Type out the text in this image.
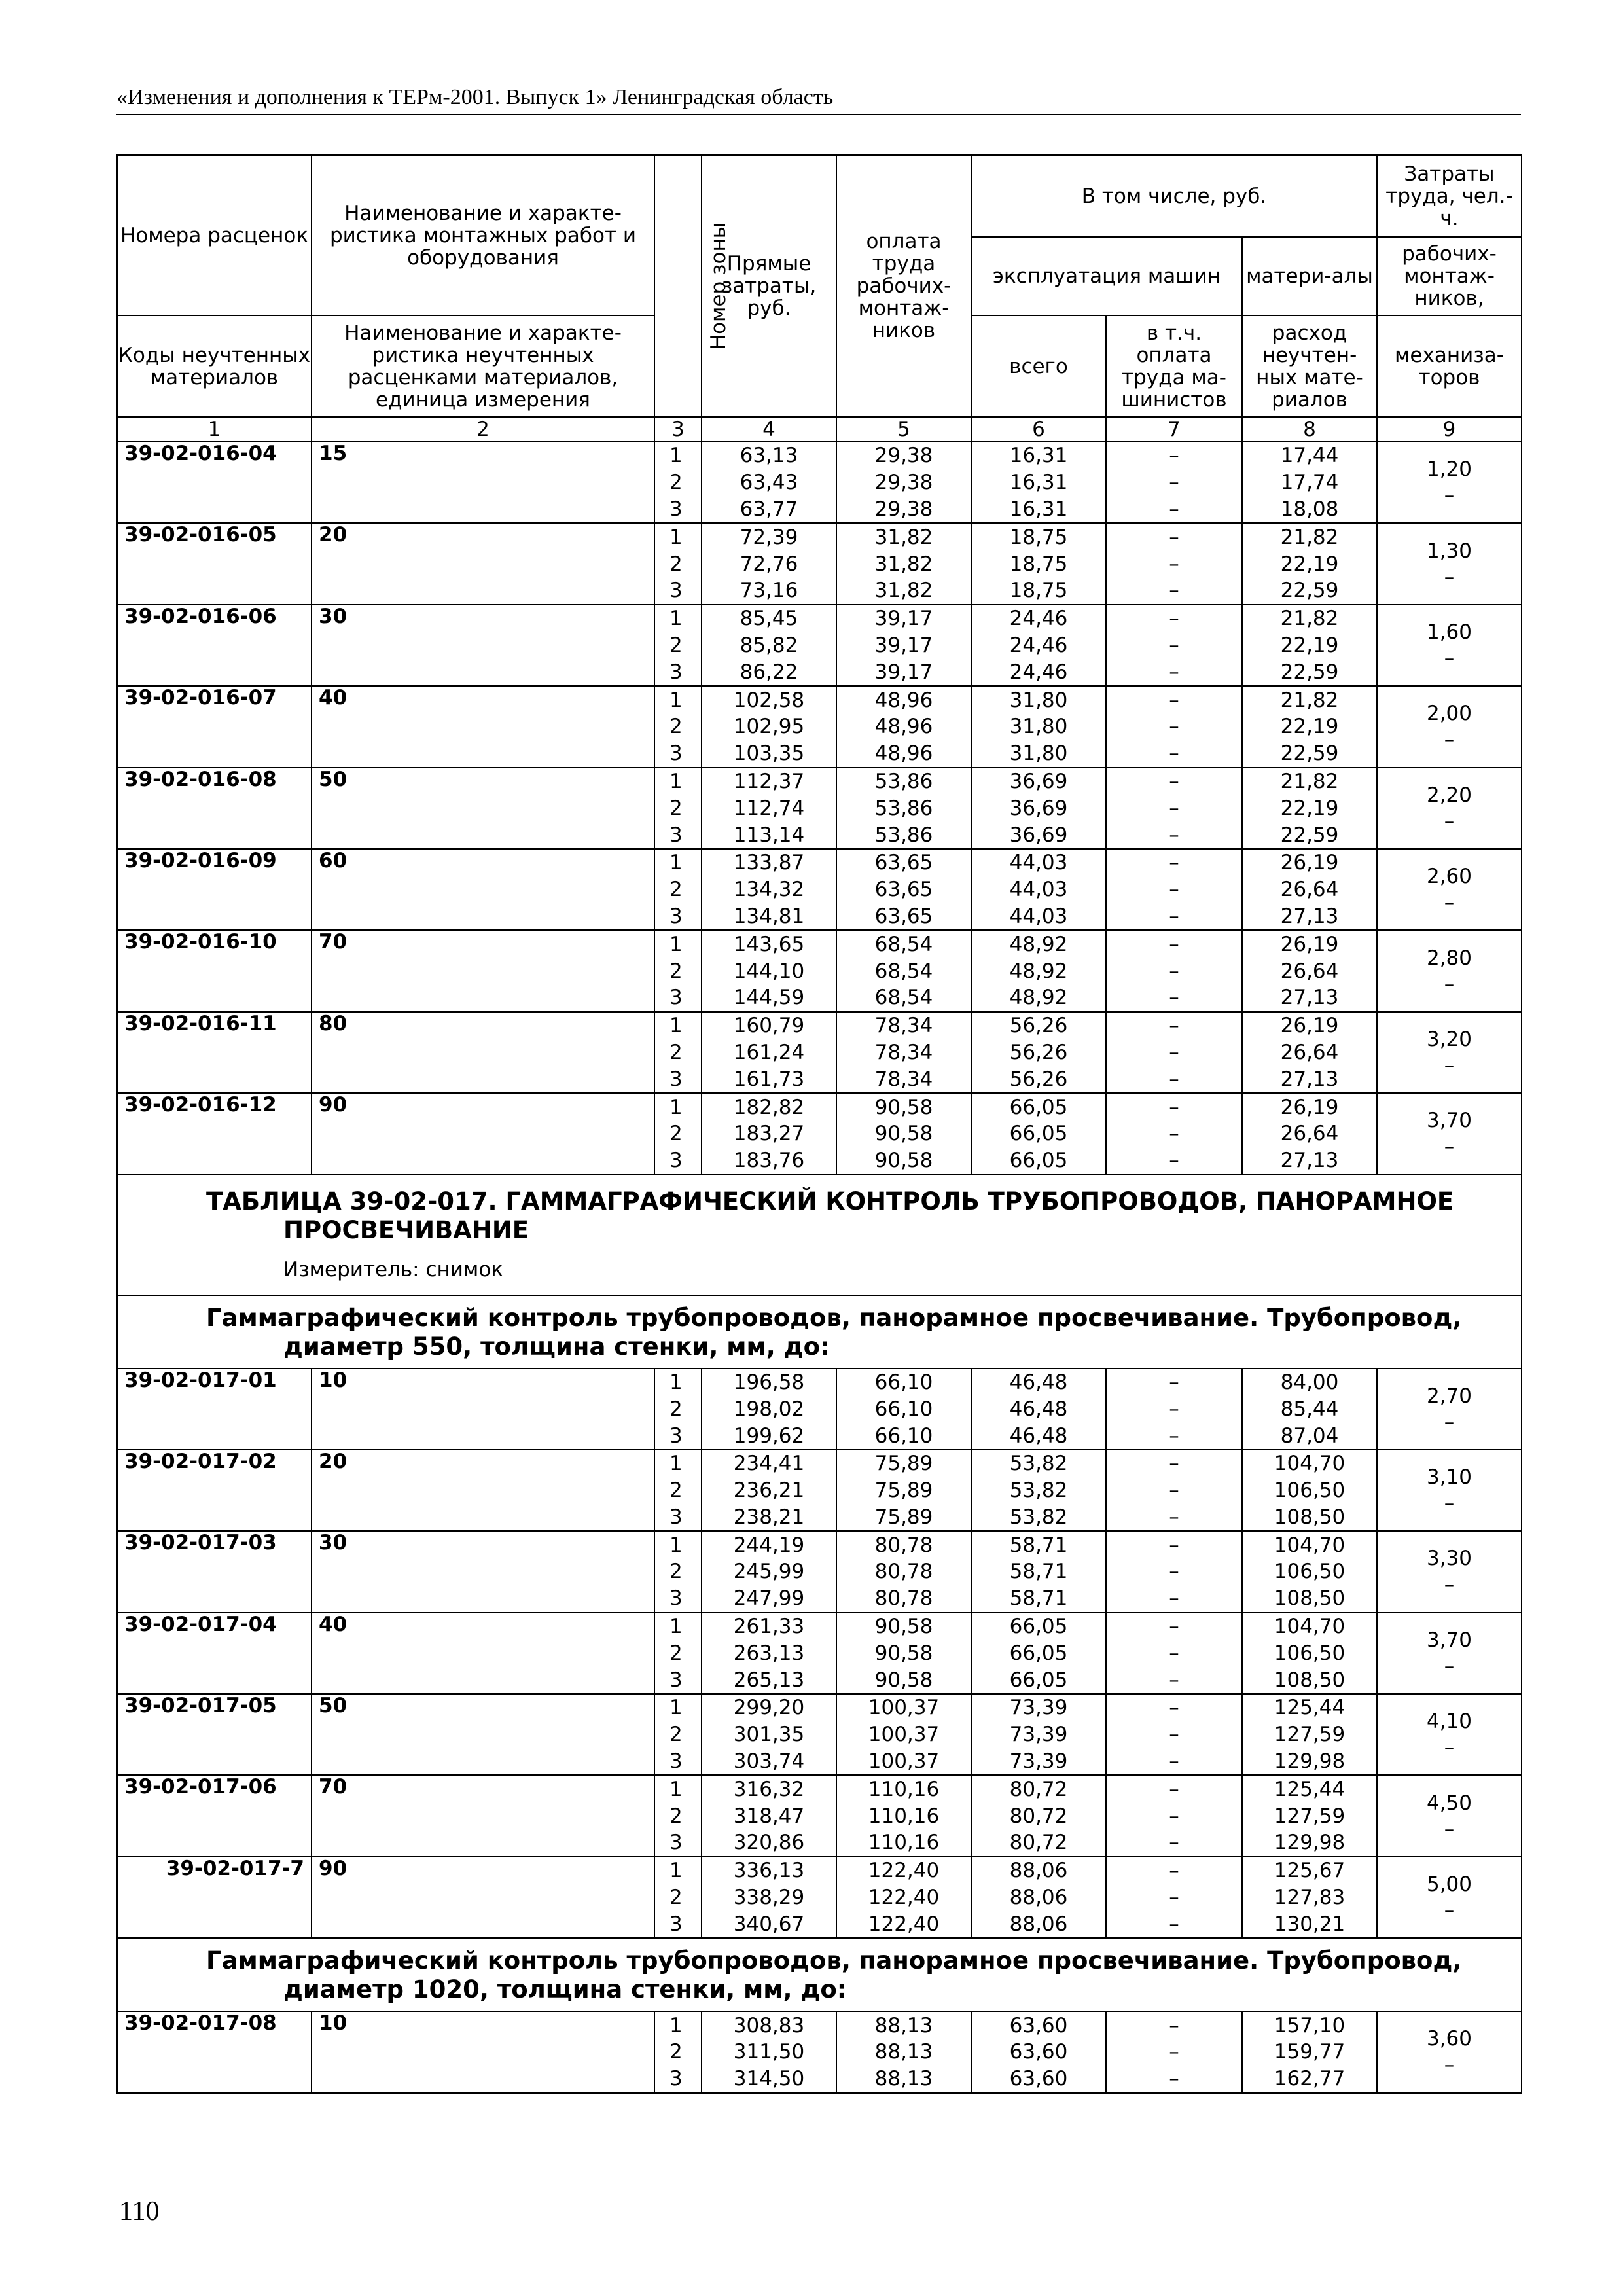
«Изменения и дополнения к ТЕРм-2001. Выпуск 1» Ленинградская область
Номера расценок	Наименование и характе-ристика монтажных работ и оборудования	Номер зоны	Прямые затраты, руб.	оплата труда рабочих-монтаж-ников	В том числе, руб.			Затраты труда, чел.-ч.
					эксплуатация машин		матери-алы	рабочих-монтаж-ников,
Коды неучтенных материалов	Наименование и характе-ристика неучтенных расценками материалов, единица измерения				всего	в т.ч. оплата труда ма-шинистов	расход неучтен-ных мате-риалов	механиза-торов

1	2	3	4	5	6	7	8	9
39-02-016-04	15	1	63,13	29,38	16,31	–	17,44	1,20
–

		2	63,43	29,38	16,31	–	17,74	
		3	63,77	29,38	16,31	–	18,08	
39-02-016-05	20	1	72,39	31,82	18,75	–	21,82	1,30
–

		2	72,76	31,82	18,75	–	22,19	
		3	73,16	31,82	18,75	–	22,59	
39-02-016-06	30	1	85,45	39,17	24,46	–	21,82	1,60
–

		2	85,82	39,17	24,46	–	22,19	
		3	86,22	39,17	24,46	–	22,59	
39-02-016-07	40	1	102,58	48,96	31,80	–	21,82	2,00
–

		2	102,95	48,96	31,80	–	22,19	
		3	103,35	48,96	31,80	–	22,59	
39-02-016-08	50	1	112,37	53,86	36,69	–	21,82	2,20
–

		2	112,74	53,86	36,69	–	22,19	
		3	113,14	53,86	36,69	–	22,59	
39-02-016-09	60	1	133,87	63,65	44,03	–	26,19	2,60
–

		2	134,32	63,65	44,03	–	26,64	
		3	134,81	63,65	44,03	–	27,13	
39-02-016-10	70	1	143,65	68,54	48,92	–	26,19	2,80
–

		2	144,10	68,54	48,92	–	26,64	
		3	144,59	68,54	48,92	–	27,13	
39-02-016-11	80	1	160,79	78,34	56,26	–	26,19	3,20
–

		2	161,24	78,34	56,26	–	26,64	
		3	161,73	78,34	56,26	–	27,13	
39-02-016-12	90	1	182,82	90,58	66,05	–	26,19	3,70
–

		2	183,27	90,58	66,05	–	26,64	
		3	183,76	90,58	66,05	–	27,13	

ТАБЛИЦА 39-02-017. ГАММАГРАФИЧЕСКИЙ КОНТРОЛЬ ТРУБОПРОВОДОВ, ПАНОРАМНОЕ
ПРОСВЕЧИВАНИЕ
Измеритель: снимок								

Гаммаграфический контроль трубопроводов, панорамное просвечивание. Трубопровод,
диаметр 550, толщина стенки, мм, до:								

39-02-017-01	10	1	196,58	66,10	46,48	–	84,00	2,70
–

		2	198,02	66,10	46,48	–	85,44	
		3	199,62	66,10	46,48	–	87,04	
39-02-017-02	20	1	234,41	75,89	53,82	–	104,70	3,10
–

		2	236,21	75,89	53,82	–	106,50	
		3	238,21	75,89	53,82	–	108,50	
39-02-017-03	30	1	244,19	80,78	58,71	–	104,70	3,30
–

		2	245,99	80,78	58,71	–	106,50	
		3	247,99	80,78	58,71	–	108,50	
39-02-017-04	40	1	261,33	90,58	66,05	–	104,70	3,70
–

		2	263,13	90,58	66,05	–	106,50	
		3	265,13	90,58	66,05	–	108,50	
39-02-017-05	50	1	299,20	100,37	73,39	–	125,44	4,10
–

		2	301,35	100,37	73,39	–	127,59	
		3	303,74	100,37	73,39	–	129,98	
39-02-017-06	70	1	316,32	110,16	80,72	–	125,44	4,50
–

		2	318,47	110,16	80,72	–	127,59	
		3	320,86	110,16	80,72	–	129,98	
39-02-017-7	90	1	336,13	122,40	88,06	–	125,67	5,00
–

		2	338,29	122,40	88,06	–	127,83	
		3	340,67	122,40	88,06	–	130,21	

Гаммаграфический контроль трубопроводов, панорамное просвечивание. Трубопровод,
диаметр 1020, толщина стенки, мм, до:								

39-02-017-08	10	1	308,83	88,13	63,60	–	157,10	3,60
–

		2	311,50	88,13	63,60	–	159,77	
		3	314,50	88,13	63,60	–	162,77	
110
